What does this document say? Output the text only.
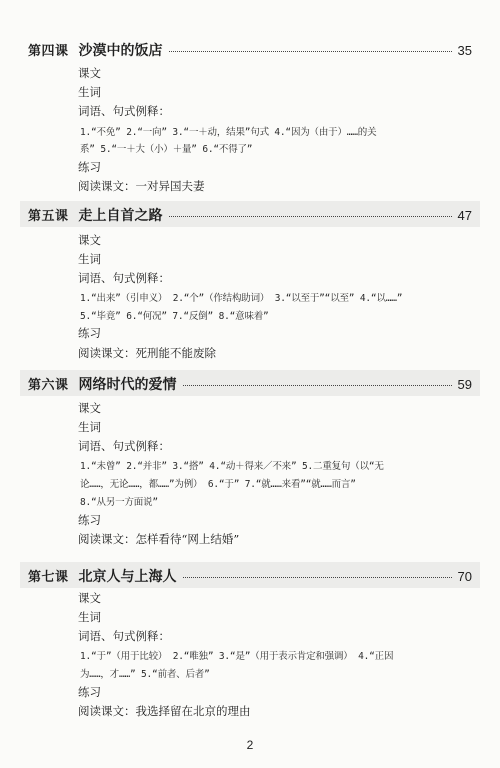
第四课 沙漠中的饭店	35
课文
生词
词语、句式例释：
1.“不免” 2.“一向” 3.“一＋动，结果”句式 4.“因为（由于）……的关
系” 5.“一＋大（小）＋量” 6.“不得了”
练习
阅读课文：一对异国夫妻
第五课 走上自首之路	47
课文
生词
词语、句式例释：
1.“出来”（引申义） 2.“个”（作结构助词） 3.“以至于”“以至” 4.“以……”
5.“毕竟” 6.“何况” 7.“反倒” 8.“意味着”
练习
阅读课文：死刑能不能废除
第六课 网络时代的爱情	59
课文
生词
词语、句式例释：
1.“未曾” 2.“并非” 3.“搭” 4.“动＋得来／不来” 5.二重复句（以“无
论……，无论……，都……”为例） 6.“于” 7.“就……来看”“就……而言”
8.“从另一方面说”
练习
阅读课文：怎样看待“网上结婚”
第七课 北京人与上海人	70
课文
生词
词语、句式例释：
1.“于”（用于比较） 2.“唯独” 3.“是”（用于表示肯定和强调） 4.“正因
为……，才……” 5.“前者、后者”
练习
阅读课文：我选择留在北京的理由
2
